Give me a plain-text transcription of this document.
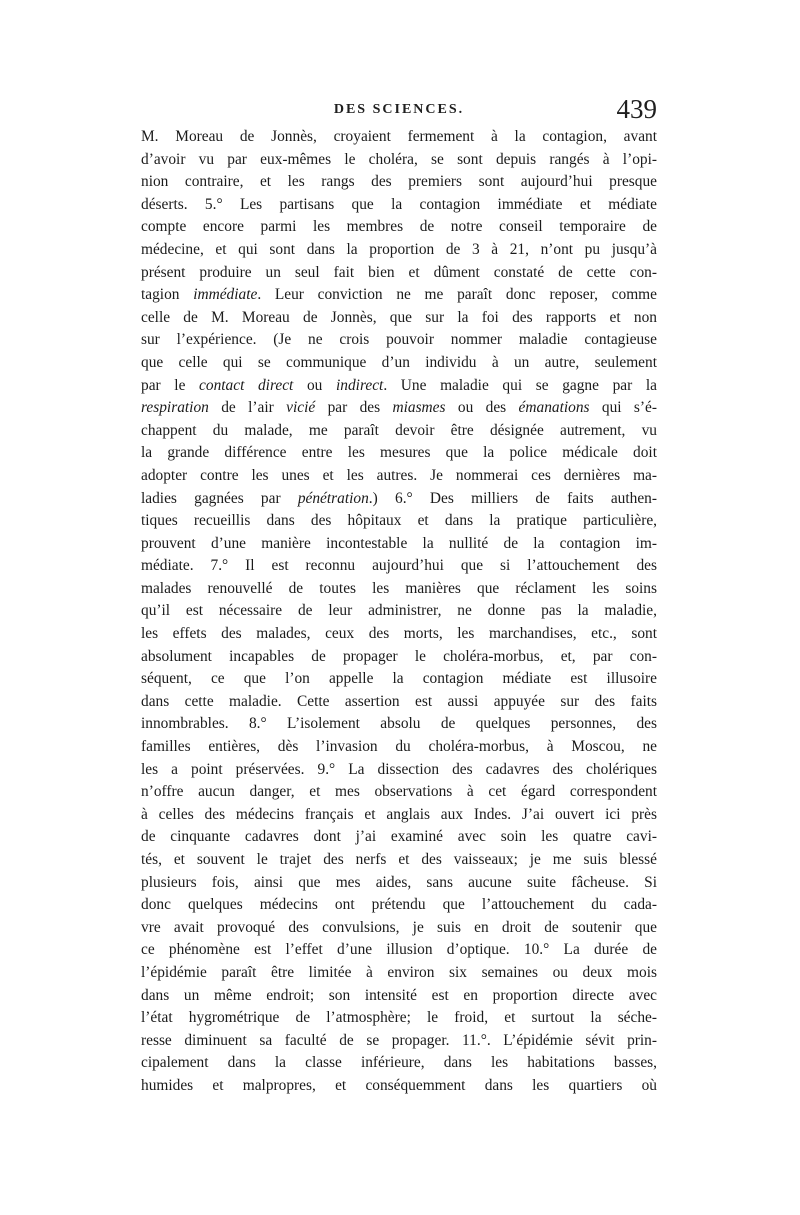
DES SCIENCES.	439
M. Moreau de Jonnès, croyaient fermement à la contagion, avant
d’avoir vu par eux-mêmes le choléra, se sont depuis rangés à l’opi-
nion contraire, et les rangs des premiers sont aujourd’hui presque
déserts. 5.° Les partisans que la contagion immédiate et médiate
compte encore parmi les membres de notre conseil temporaire de
médecine, et qui sont dans la proportion de 3 à 21, n’ont pu jusqu’à
présent produire un seul fait bien et dûment constaté de cette con-
tagion immédiate. Leur conviction ne me paraît donc reposer, comme
celle de M. Moreau de Jonnès, que sur la foi des rapports et non
sur l’expérience. (Je ne crois pouvoir nommer maladie contagieuse
que celle qui se communique d’un individu à un autre, seulement
par le contact direct ou indirect. Une maladie qui se gagne par la
respiration de l’air vicié par des miasmes ou des émanations qui s’é-
chappent du malade, me paraît devoir être désignée autrement, vu
la grande différence entre les mesures que la police médicale doit
adopter contre les unes et les autres. Je nommerai ces dernières ma-
ladies gagnées par pénétration.) 6.° Des milliers de faits authen-
tiques recueillis dans des hôpitaux et dans la pratique particulière,
prouvent d’une manière incontestable la nullité de la contagion im-
médiate. 7.° Il est reconnu aujourd’hui que si l’attouchement des
malades renouvellé de toutes les manières que réclament les soins
qu’il est nécessaire de leur administrer, ne donne pas la maladie,
les effets des malades, ceux des morts, les marchandises, etc., sont
absolument incapables de propager le choléra-morbus, et, par con-
séquent, ce que l’on appelle la contagion médiate est illusoire
dans cette maladie. Cette assertion est aussi appuyée sur des faits
innombrables. 8.° L’isolement absolu de quelques personnes, des
familles entières, dès l’invasion du choléra-morbus, à Moscou, ne
les a point préservées. 9.° La dissection des cadavres des cholériques
n’offre aucun danger, et mes observations à cet égard correspondent
à celles des médecins français et anglais aux Indes. J’ai ouvert ici près
de cinquante cadavres dont j’ai examiné avec soin les quatre cavi-
tés, et souvent le trajet des nerfs et des vaisseaux; je me suis blessé
plusieurs fois, ainsi que mes aides, sans aucune suite fâcheuse. Si
donc quelques médecins ont prétendu que l’attouchement du cada-
vre avait provoqué des convulsions, je suis en droit de soutenir que
ce phénomène est l’effet d’une illusion d’optique. 10.° La durée de
l’épidémie paraît être limitée à environ six semaines ou deux mois
dans un même endroit; son intensité est en proportion directe avec
l’état hygrométrique de l’atmosphère; le froid, et surtout la séche-
resse diminuent sa faculté de se propager. 11.°. L’épidémie sévit prin-
cipalement dans la classe inférieure, dans les habitations basses,
humides et malpropres, et conséquemment dans les quartiers où
